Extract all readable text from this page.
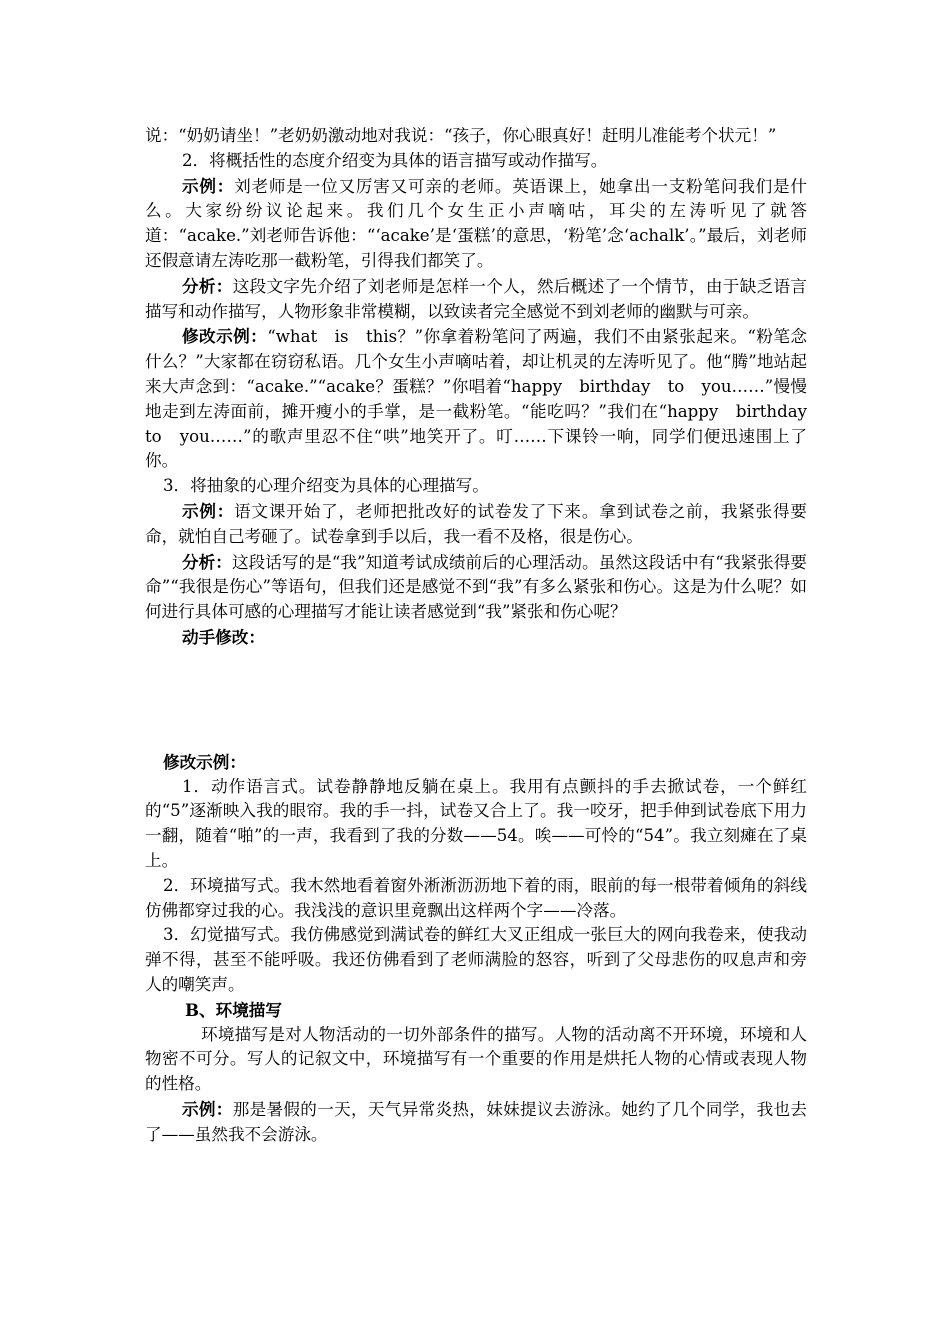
说：“奶奶请坐！”老奶奶激动地对我说：“孩子，你心眼真好！赶明儿准能考个状元！”

2．将概括性的态度介绍变为具体的语言描写或动作描写。

示例：刘老师是一位又厉害又可亲的老师。英语课上，她拿出一支粉笔问我们是什么。大家纷纷议论起来。我们几个女生正小声嘀咕，耳尖的左涛听见了就答道：“acake.”刘老师告诉他：“‘acake’是‘蛋糕’的意思，‘粉笔’念‘achalk’。”最后，刘老师还假意请左涛吃那一截粉笔，引得我们都笑了。

分析：这段文字先介绍了刘老师是怎样一个人，然后概述了一个情节，由于缺乏语言描写和动作描写，人物形象非常模糊，以致读者完全感觉不到刘老师的幽默与可亲。

修改示例：“what　is　this？”你拿着粉笔问了两遍，我们不由紧张起来。“粉笔念什么？”大家都在窃窃私语。几个女生小声嘀咕着，却让机灵的左涛听见了。他“腾”地站起来大声念到：“acake.”“acake？蛋糕？”你唱着“happy　birthday　to　you……”慢慢地走到左涛面前，摊开瘦小的手掌，是一截粉笔。“能吃吗？”我们在“happy　birthday　to　you……”的歌声里忍不住“哄”地笑开了。叮……下课铃一响，同学们便迅速围上了你。

3．将抽象的心理介绍变为具体的心理描写。

示例：语文课开始了，老师把批改好的试卷发了下来。拿到试卷之前，我紧张得要命，就怕自己考砸了。试卷拿到手以后，我一看不及格，很是伤心。

分析：这段话写的是“我”知道考试成绩前后的心理活动。虽然这段话中有“我紧张得要命”“我很是伤心”等语句，但我们还是感觉不到“我”有多么紧张和伤心。这是为什么呢？如何进行具体可感的心理描写才能让读者感觉到“我”紧张和伤心呢？

动手修改：

修改示例：

1．动作语言式。试卷静静地反躺在桌上。我用有点颤抖的手去掀试卷，一个鲜红的“5”逐渐映入我的眼帘。我的手一抖，试卷又合上了。我一咬牙，把手伸到试卷底下用力一翻，随着“啪”的一声，我看到了我的分数——54。唉——可怜的“54”。我立刻瘫在了桌上。

2．环境描写式。我木然地看着窗外淅淅沥沥地下着的雨，眼前的每一根带着倾角的斜线仿佛都穿过我的心。我浅浅的意识里竟飘出这样两个字——冷落。

3．幻觉描写式。我仿佛感觉到满试卷的鲜红大叉正组成一张巨大的网向我卷来，使我动弹不得，甚至不能呼吸。我还仿佛看到了老师满脸的怒容，听到了父母悲伤的叹息声和旁人的嘲笑声。

B、环境描写

环境描写是对人物活动的一切外部条件的描写。人物的活动离不开环境，环境和人物密不可分。写人的记叙文中，环境描写有一个重要的作用是烘托人物的心情或表现人物的性格。

示例：那是暑假的一天，天气异常炎热，妹妹提议去游泳。她约了几个同学，我也去了——虽然我不会游泳。
